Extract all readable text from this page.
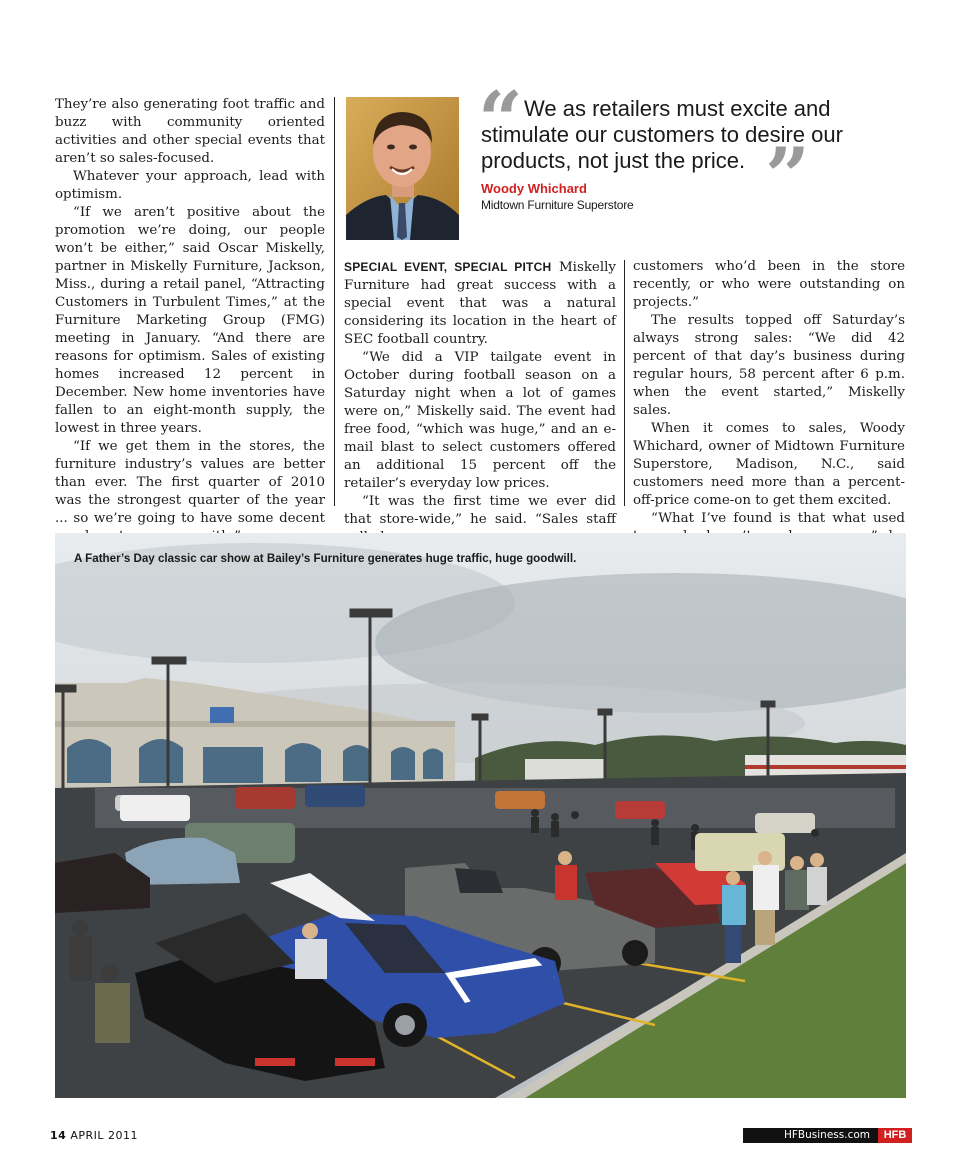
They’re also generating foot traffic and buzz with community oriented activities and other special events that aren’t so sales-focused.

Whatever your approach, lead with optimism.

“If we aren’t positive about the promotion we’re doing, our people won’t be either,” said Oscar Miskelly, partner in Miskelly Furniture, Jackson, Miss., during a retail panel, “Attracting Customers in Turbulent Times,” at the Furniture Marketing Group (FMG) meeting in January. “And there are reasons for optimism. Sales of existing homes increased 12 percent in December. New home inventories have fallen to an eight-month supply, the lowest in three years.

“If we get them in the stores, the furniture industry’s values are better than ever. The first quarter of 2010 was the strongest quarter of the year ... so we’re going to have some decent

“ We as retailers must excite and stimulate our customers to desire our products, not just the price. ”
Woody Whichard
Midtown Furniture Superstore

SPECIAL EVENT, SPECIAL PITCH Miskelly Furniture had great success with a special event that was a natural considering its location in the heart of SEC football country.

“We did a VIP tailgate event in October during football season on a Saturday night when a lot of games were on,” Miskelly said. The event had free food, “which was huge,” and an e-mail blast to select customers offered an additional 15 percent off the retailer’s everyday low prices.

“It was the first time we ever did that store-wide,” he said. “Sales staff

customers who’d been in the store recently, or who were outstanding on projects.”

The results topped off Saturday’s always strong sales: “We did 42 percent of that day’s business during regular hours, 58 percent after 6 p.m. when the event started,” Miskelly sales.

When it comes to sales, Woody Whichard, owner of Midtown Furniture Superstore, Madison, N.C., said customers need more than a percent-off-price come-on to get them excited.

“What I’ve found is that what used

A Father’s Day classic car show at Bailey’s Furniture generates huge traffic, huge goodwill.
14 APRIL 2011	HFBusiness.com	HFB
